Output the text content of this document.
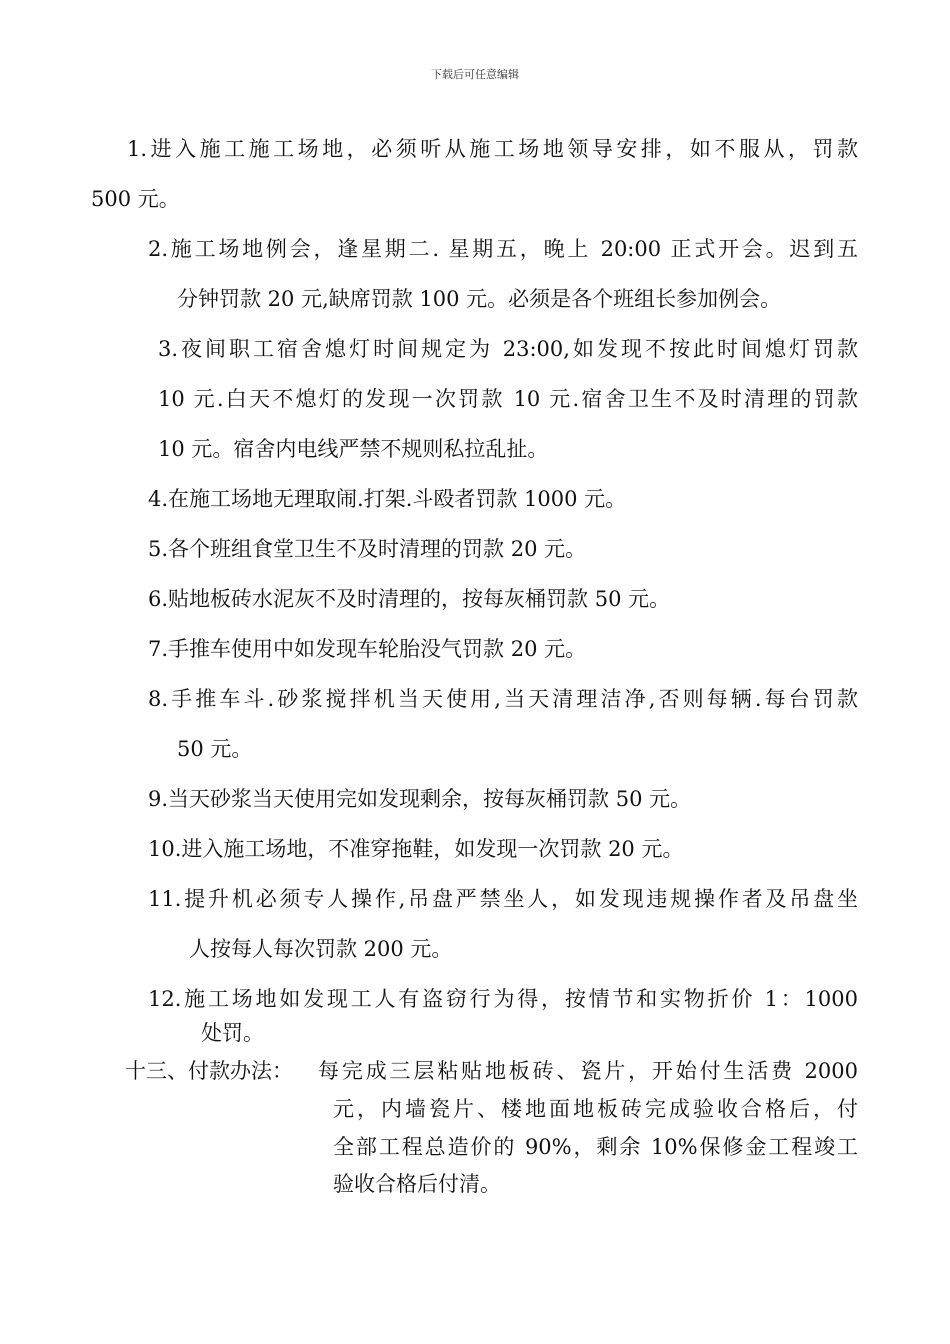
下载后可任意编辑
1.进入施工施工场地，必须听从施工场地领导安排，如不服从，罚款
500 元。
2.施工场地例会，逢星期二. 星期五，晚上 20:00 正式开会。迟到五
分钟罚款 20 元,缺席罚款 100 元。必须是各个班组长参加例会。
3.夜间职工宿舍熄灯时间规定为 23:00,如发现不按此时间熄灯罚款
10 元.白天不熄灯的发现一次罚款 10 元.宿舍卫生不及时清理的罚款
10 元。宿舍内电线严禁不规则私拉乱扯。
4.在施工场地无理取闹.打架.斗殴者罚款 1000 元。
5.各个班组食堂卫生不及时清理的罚款 20 元。
6.贴地板砖水泥灰不及时清理的，按每灰桶罚款 50 元。
7.手推车使用中如发现车轮胎没气罚款 20 元。
8.手推车斗.砂浆搅拌机当天使用,当天清理洁净,否则每辆.每台罚款
50 元。
9.当天砂浆当天使用完如发现剩余，按每灰桶罚款 50 元。
10.进入施工场地，不准穿拖鞋，如发现一次罚款 20 元。
11.提升机必须专人操作,吊盘严禁坐人，如发现违规操作者及吊盘坐
人按每人每次罚款 200 元。
12.施工场地如发现工人有盗窃行为得，按情节和实物折价 1：1000
处罚。
十三、付款办法： 每完成三层粘贴地板砖、瓷片，开始付生活费 2000
元，内墙瓷片、楼地面地板砖完成验收合格后，付
全部工程总造价的 90%，剩余 10%保修金工程竣工
验收合格后付清。
